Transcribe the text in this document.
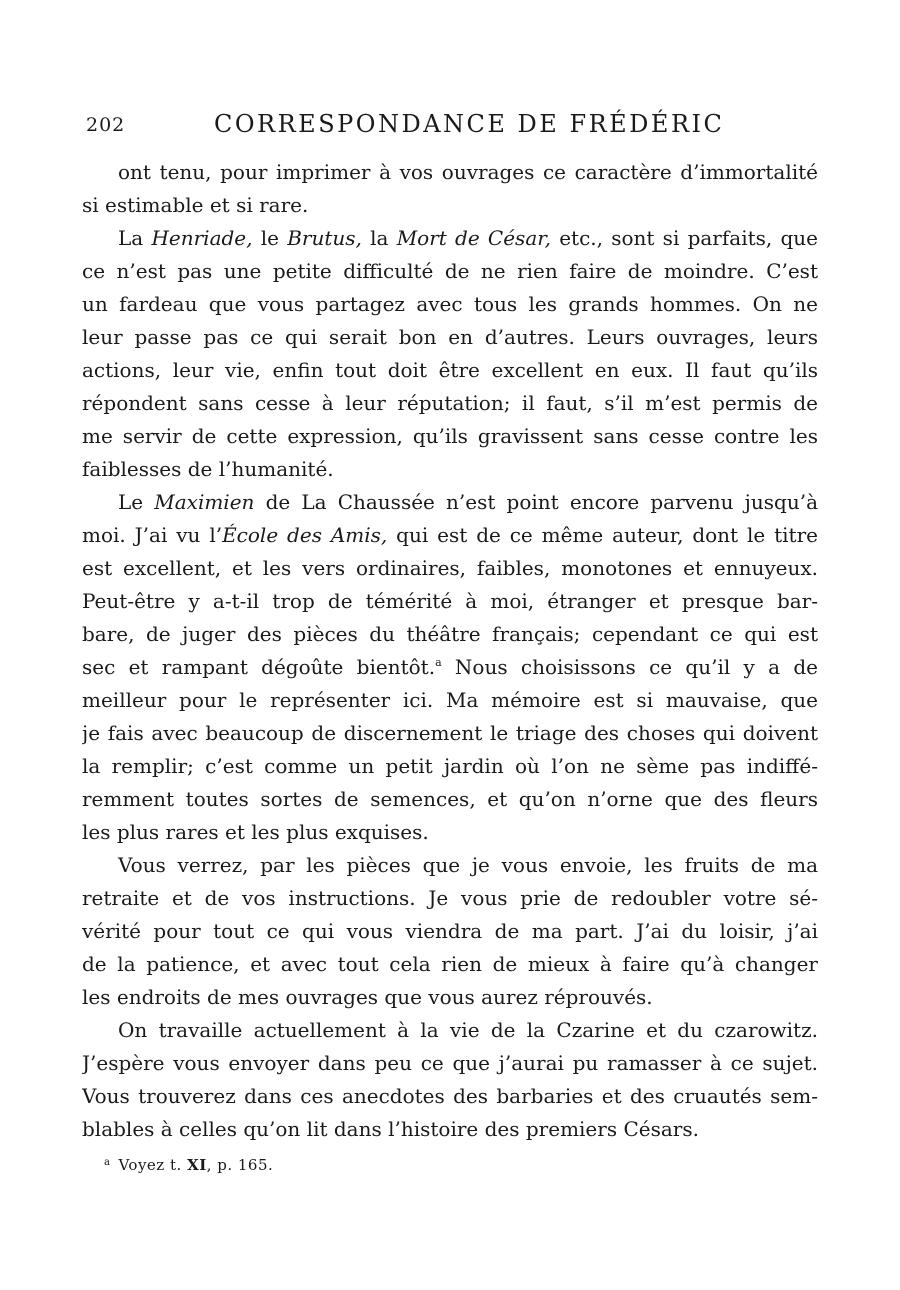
202	CORRESPONDANCE DE FRÉDÉRIC
ont tenu, pour imprimer à vos ouvrages ce caractère d’immortalité
si estimable et si rare.
La Henriade, le Brutus, la Mort de César, etc., sont si parfaits, que
ce n’est pas une petite difficulté de ne rien faire de moindre. C’est
un fardeau que vous partagez avec tous les grands hommes. On ne
leur passe pas ce qui serait bon en d’autres. Leurs ouvrages, leurs
actions, leur vie, enfin tout doit être excellent en eux. Il faut qu’ils
répondent sans cesse à leur réputation; il faut, s’il m’est permis de
me servir de cette expression, qu’ils gravissent sans cesse contre les
faiblesses de l’humanité.
Le Maximien de La Chaussée n’est point encore parvenu jusqu’à
moi. J’ai vu l’École des Amis, qui est de ce même auteur, dont le titre
est excellent, et les vers ordinaires, faibles, monotones et ennuyeux.
Peut-être y a-t-il trop de témérité à moi, étranger et presque bar-
bare, de juger des pièces du théâtre français; cependant ce qui est
sec et rampant dégoûte bientôt.$^a$ Nous choisissons ce qu’il y a de
meilleur pour le représenter ici. Ma mémoire est si mauvaise, que
je fais avec beaucoup de discernement le triage des choses qui doivent
la remplir; c’est comme un petit jardin où l’on ne sème pas indiffé-
remment toutes sortes de semences, et qu’on n’orne que des fleurs
les plus rares et les plus exquises.
Vous verrez, par les pièces que je vous envoie, les fruits de ma
retraite et de vos instructions. Je vous prie de redoubler votre sé-
vérité pour tout ce qui vous viendra de ma part. J’ai du loisir, j’ai
de la patience, et avec tout cela rien de mieux à faire qu’à changer
les endroits de mes ouvrages que vous aurez réprouvés.
On travaille actuellement à la vie de la Czarine et du czarowitz.
J’espère vous envoyer dans peu ce que j’aurai pu ramasser à ce sujet.
Vous trouverez dans ces anecdotes des barbaries et des cruautés sem-
blables à celles qu’on lit dans l’histoire des premiers Césars.
$^a$ Voyez t. XI, p. 165.
